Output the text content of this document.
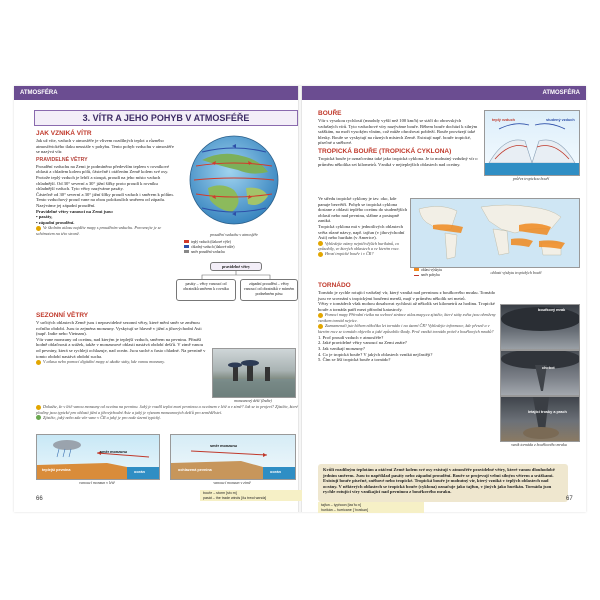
ATMOSFÉRA	ATMOSFÉRA
3. VÍTR A JEHO POHYB V ATMOSFÉŘE

JAK VZNIKÁ VÍTR

Jak už víte, vzduch v atmosféře je vlivem rozdílných teplot a různého atmosférického tlaku neustále v pohybu. Tento pohyb vzduchu v atmosféře se nazývá vítr.

PRAVIDELNÉ VĚTRY

Proudění vzduchu na Zemi je podmíněno především teplem v rovníkové oblasti a chladem kolem pólů, částečně i otáčením Země kolem své osy.

Protože teplý vzduch je lehčí a stoupá, proudí na jeho místo vzduch chladnější. Od 30° severní a 30° jižní šířky proto proudí k rovníku chladnější vzduch. Tyto větry nazýváme pasáty.

Částečně od 30° severní a 30° jižní šířky proudí vzduch i směrem k pólům. Tento vzduchový proud vane na obou polokoulích směrem od západu. Nazýváme jej západní proudění.

Pravidelné větry vanoucí na Zemi jsou:

• pasáty,

• západní proudění.

Ve školním atlasu najděte mapy s prouděním vzduchu. Porovnejte je se schématem na této straně.	proudění vzduchu v atmosféře
teplý vzduch (tlakové výše)
chladný vzduch (tlakové níže)
směr proudění vzduchu
pravidelné větry
pasáty – větry vanoucí od obratníků směrem k rovníku
západní proudění – větry vanoucí od obratníků v mírném podnebném pásu

SEZONNÍ VĚTRY

V určitých oblastech Země jsou i nepravidelné sezonní větry, které mění směr se změnou ročního období. Jsou to zejména monzuny. Vyskytují se hlavně v jižní a jihovýchodní Asii (např. Indie nebo Vietnam).

Vítr vane monzuny od oceánu, nad kterým je teplejší vzduch, směrem na pevninu. Přináší hodně oblačnosti a srážek, takže v monzunové oblasti nastává období dešťů. V zimě vanou od pevniny, která se rychleji ochlazuje, nad oceán. Jsou suché a často chladné. Na pevnině v tomto období nastává období sucha.

V atlasu nebo pomocí digitální mapy si ukažte státy, kde vanou monzuny.

Dokažte, že v létě vanou monzuny od oceánu na pevninu. Jaký je rozdíl teplot mezi pevninou a oceánem v létě a v zimě? Jak se to projeví? Zjistěte, které plodiny jsou typické pro oblasti jižní a jihovýchodní Asie a jaký je význam monzunových dešťů pro zemědělství.

Zjistěte, jaký nebo zda vítr vane v ČR a jaký je pro naše území typický.

monzunový déšť (Indie)
směr monzunu
teplejší pevnina	oceán
vanoucí monzun v létě
směr monzunu
ochlazená pevnina	oceán
vanoucí monzun v zimě
bouře – storm [stɔːm]
pasát – the trade winds [ðə treɪd wɪndz]
66

BOUŘE

Vítr s vysokou rychlostí (mnohdy vyšší než 100 km/h) se stáčí do obrovských vzdušných vírů. Tyto vzduchové víry nazýváme bouře. Během bouře dochází k silným srážkám, na moři vysokým vlnám, což může ohrožovat pobřeží. Bouře provázejí také blesky. Bouře se vyskytují na různých místech Země. Existují např. bouře tropické, písečné a sněhové.

TROPICKÁ BOUŘE (TROPICKÁ CYKLONA)

Tropická bouře je označována také jako tropická cyklona. Je to mohutný vzdušný vír o průměru několika set kilometrů. Vzniká v nejteplejších oblastech nad oceány.

Ve středu tropické cyklony je tzv. oko, kde panuje bezvětří. Pohyb se tropická cyklona dostane z oblasti teplého oceánu do studenějších oblastí nebo nad pevninu, slábne a postupně zaniká.

Tropická cyklona má v jednotlivých oblastech světa různé názvy, např. tajfun (v jihovýchodní Asii) nebo hurikán (v Americe).

Vyhledejte názvy nejničivějších hurikánů, co způsobily, ve kterých oblastech a ve kterém roce.

Hrozí tropické bouře i v ČR?

teplý vzduch	studený vzduch
průřez tropickou bouří
oblast výskytu
směr pohybu	oblasti výskytu tropických bouří

TORNÁDO

Tornádo je rychle rotující vzdušný vír, který vzniká nad pevninou z bouřkového mraku. Tornádo jsou ve srovnání s tropickými bouřemi menší, mají v průměru několik set metrů.

Větry v tornádech však mohou dosahovat rychlosti až několik set kilometrů za hodinu. Tropické bouře a tornáda patří mezi přírodní katastrofy.

Pomocí mapy Přírodní rizika na webové stránce atlas.mapy.cz zjistěte, které státy světa jsou ohroženy vznikem tornád nejvíce.

Zaznamenali jste během několika let tornádo i na území ČR? Vyhledejte informace, kde přesně a v kterém roce se tornádo objevilo a jaké způsobilo škody. Proč vzniká tornádo právě z bouřkových mraků?

1. Proč proudí vzduch v atmosféře?

2. Jaké pravidelné větry vanoucí na Zemi znáte?

3. Jak vznikají monzuny?

4. Co je tropická bouře? V jakých oblastech vzniká nejčastěji?

5. Čím se liší tropická bouře a tornádo?

bouřkový mrak
chobot
letající trosky a prach
vznik tornáda z bouřkového mraku
Kvůli rozdílným teplotám a otáčení Země kolem své osy existují v atmosféře pravidelné větry, které vanou dlouhodobě jedním směrem. Jsou to například pasáty nebo západní proudění. Bouře se projevují velmi silným větrem a srážkami. Existují bouře písečné, sněhové nebo tropické. Tropická bouře je mohutný vír, který vzniká v teplých oblastech nad oceány. V některých oblastech se tropická bouře (cyklona) označuje jako tajfun, v jiných jako hurikán. Tornáda jsou rychle rotující víry vznikající nad pevninou z bouřkového mraku.
67
tajfun – typhoon [taɪˈfuːn]
hurikán – hurricane [ˈhʌrɪkən]
